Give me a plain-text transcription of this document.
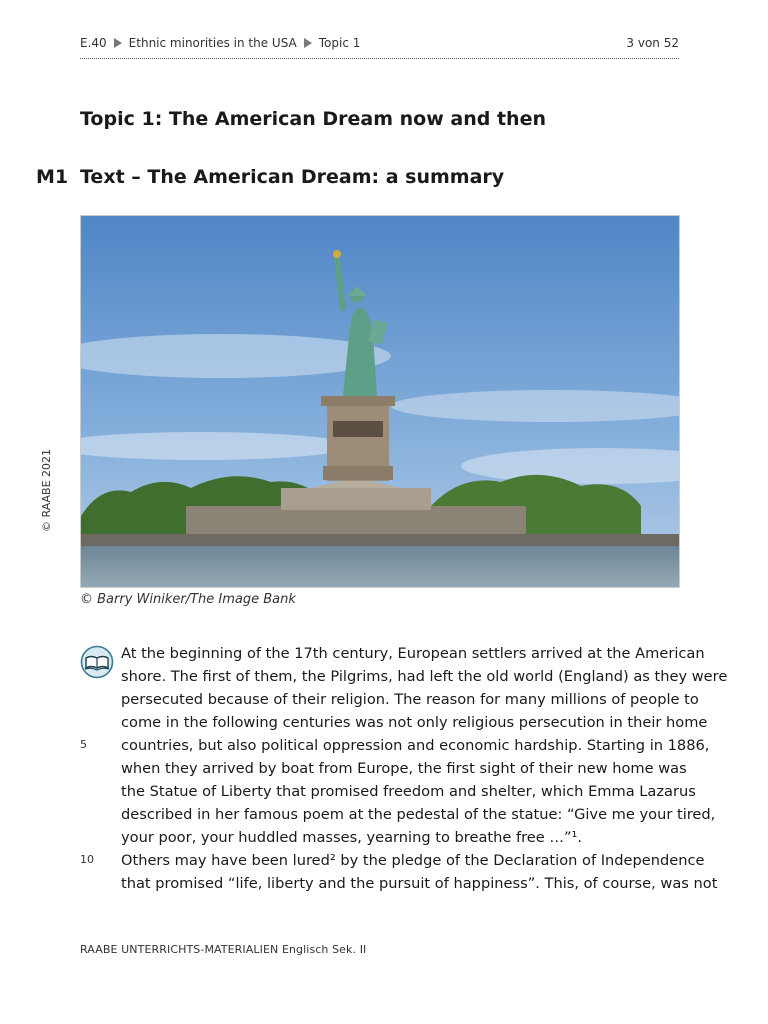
E.40 Ethnic minorities in the USA Topic 1	3 von 52
© RAABE 2021
Topic 1: The American Dream now and then
M1 Text – The American Dream: a summary
© Barry Winiker/The Image Bank
At the beginning of the 17th century, European settlers arrived at the American
shore. The first of them, the Pilgrims, had left the old world (England) as they were
persecuted because of their religion. The reason for many millions of people to
come in the following centuries was not only religious persecution in their home
countries, but also political oppression and economic hardship. Starting in 1886,
when they arrived by boat from Europe, the first sight of their new home was
the Statue of Liberty that promised freedom and shelter, which Emma Lazarus
described in her famous poem at the pedestal of the statue: “Give me your tired,
your poor, your huddled masses, yearning to breathe free …”¹.
Others may have been lured² by the pledge of the Declaration of Independence
that promised “life, liberty and the pursuit of happiness”. This, of course, was not
5
10
RAABE UNTERRICHTS-MATERIALIEN Englisch Sek. II
